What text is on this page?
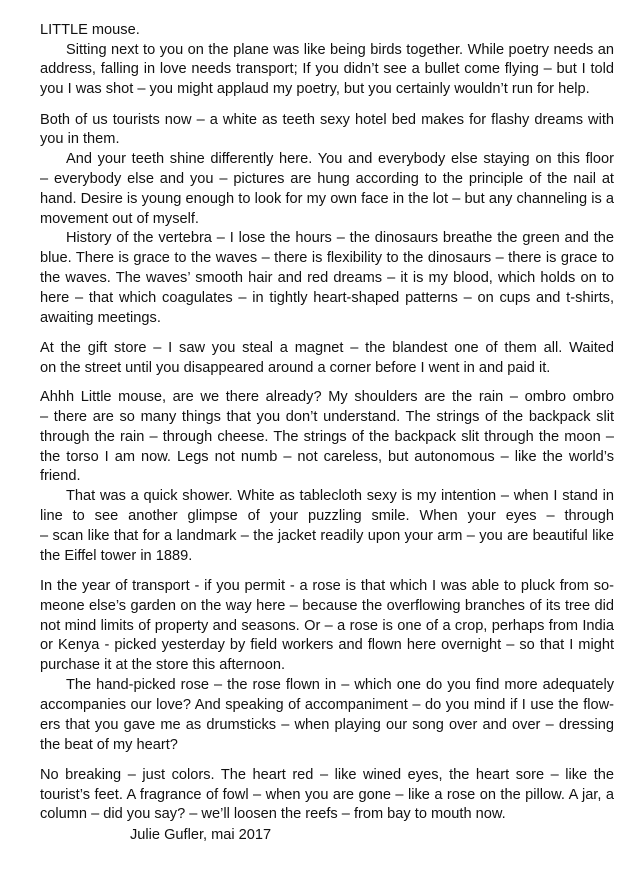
LITTLE mouse.
Sitting next to you on the plane was like being birds together. While poetry needs an
address, falling in love needs transport; If you didn’t see a bullet come flying – but I told
you I was shot – you might applaud my poetry, but you certainly wouldn’t run for help.
Both of us tourists now – a white as teeth sexy hotel bed makes for flashy dreams with
you in them.
And your teeth shine differently here. You and everybody else staying on this floor
– everybody else and you – pictures are hung according to the principle of the nail at
hand. Desire is young enough to look for my own face in the lot – but any channeling is a
movement out of myself.
History of the vertebra – I lose the hours – the dinosaurs breathe the green and the
blue. There is grace to the waves – there is flexibility to the dinosaurs – there is grace to
the waves. The waves’ smooth hair and red dreams – it is my blood, which holds on to
here – that which coagulates – in tightly heart-shaped patterns – on cups and t-shirts,
awaiting meetings.
At the gift store – I saw you steal a magnet – the blandest one of them all. Waited
on the street until you disappeared around a corner before I went in and paid it.
Ahhh Little mouse, are we there already? My shoulders are the rain – ombro ombro
– there are so many things that you don’t understand. The strings of the backpack slit
through the rain – through cheese. The strings of the backpack slit through the moon –
the torso I am now. Legs not numb – not careless, but autonomous – like the world’s
friend.
That was a quick shower. White as tablecloth sexy is my intention – when I stand in
line to see another glimpse of your puzzling smile. When your eyes – through
– scan like that for a landmark – the jacket readily upon your arm – you are beautiful like
the Eiffel tower in 1889.
In the year of transport - if you permit - a rose is that which I was able to pluck from so-
meone else’s garden on the way here – because the overflowing branches of its tree did
not mind limits of property and seasons. Or – a rose is one of a crop, perhaps from India
or Kenya - picked yesterday by field workers and flown here overnight – so that I might
purchase it at the store this afternoon.
The hand-picked rose – the rose flown in – which one do you find more adequately
accompanies our love? And speaking of accompaniment – do you mind if I use the flow-
ers that you gave me as drumsticks – when playing our song over and over – dressing
the beat of my heart?
No breaking – just colors. The heart red – like wined eyes, the heart sore – like the
tourist’s feet. A fragrance of fowl – when you are gone – like a rose on the pillow. A jar, a
column – did you say? – we’ll loosen the reefs – from bay to mouth now.
Julie Gufler, mai 2017
